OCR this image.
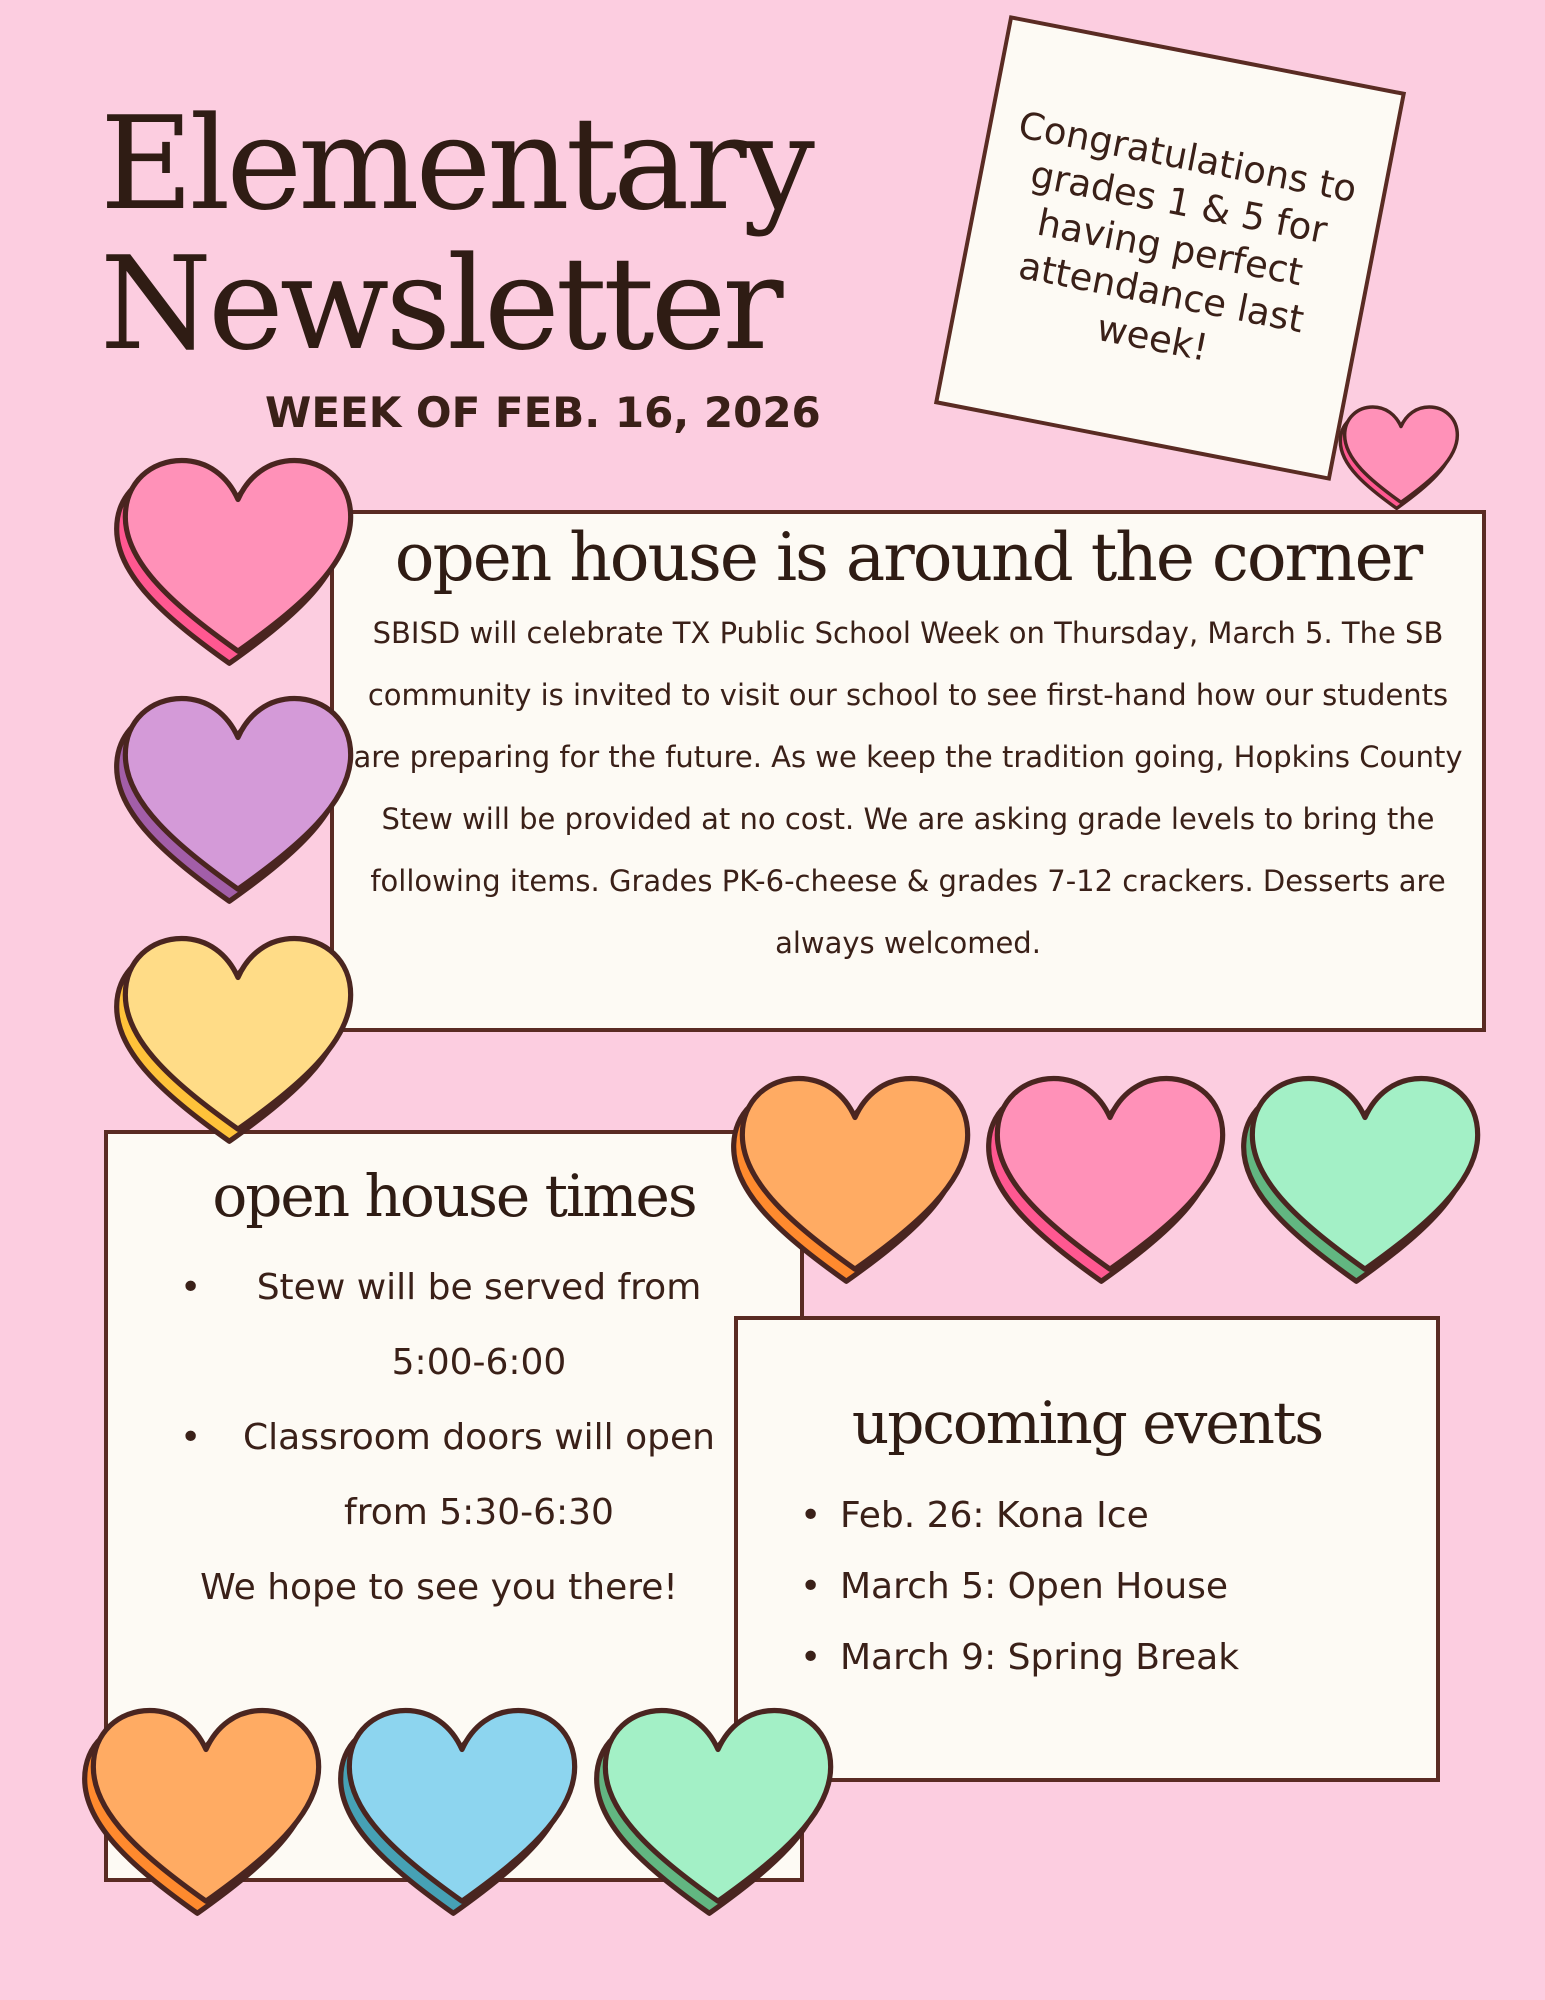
Elementary
Newsletter
WEEK OF FEB. 16, 2026
Congratulations to grades 1 & 5 for having perfect attendance last week!
open house is around the corner
SBISD will celebrate TX Public School Week on Thursday, March 5. The SB community is invited to visit our school to see first-hand how our students are preparing for the future. As we keep the tradition going, Hopkins County Stew will be provided at no cost. We are asking grade levels to bring the following items. Grades PK-6-cheese & grades 7-12 crackers. Desserts are always welcomed.
open house times
• Stew will be served from 5:00-6:00
• Classroom doors will open from 5:30-6:30
We hope to see you there!
upcoming events
• Feb. 26: Kona Ice
• March 5: Open House
• March 9: Spring Break
